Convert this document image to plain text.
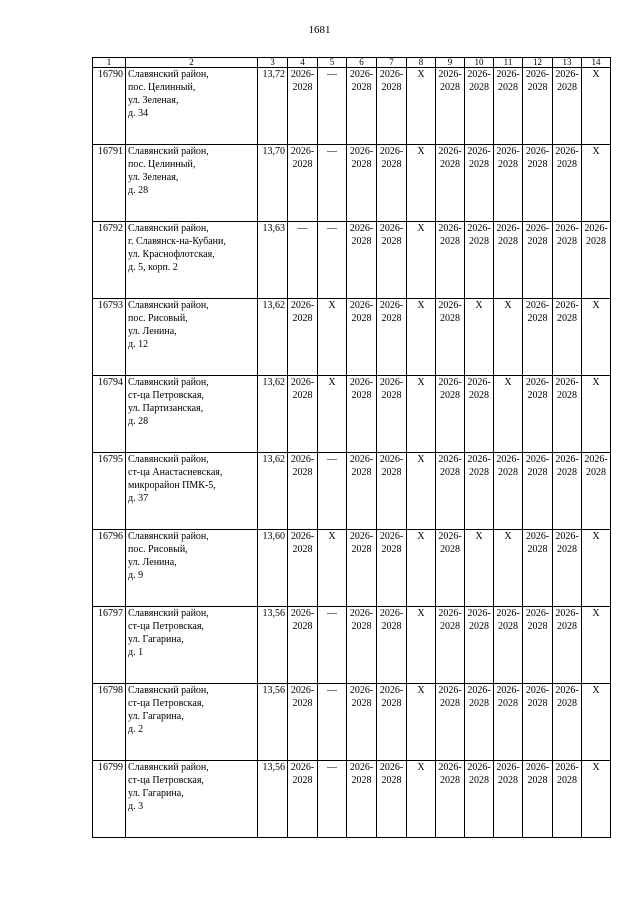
1681
1	2	3	4	5	6	7	8	9	10	11	12	13	14
16790	Славянский район,
пос. Целинный,
ул. Зеленая,
д. 34	13,72	2026-
2028	—	2026-
2028	2026-
2028	X	2026-
2028	2026-
2028	2026-
2028	2026-
2028	2026-
2028	X

16791	Славянский район,
пос. Целинный,
ул. Зеленая,
д. 28	13,70	2026-
2028	—	2026-
2028	2026-
2028	X	2026-
2028	2026-
2028	2026-
2028	2026-
2028	2026-
2028	X

16792	Славянский район,
г. Славянск-на-Кубани,
ул. Краснофлотская,
д. 5, корп. 2	13,63	—	—	2026-
2028	2026-
2028	X	2026-
2028	2026-
2028	2026-
2028	2026-
2028	2026-
2028	2026-
2028

16793	Славянский район,
пос. Рисовый,
ул. Ленина,
д. 12	13,62	2026-
2028	X	2026-
2028	2026-
2028	X	2026-
2028	X	X	2026-
2028	2026-
2028	X

16794	Славянский район,
ст-ца Петровская,
ул. Партизанская,
д. 28	13,62	2026-
2028	X	2026-
2028	2026-
2028	X	2026-
2028	2026-
2028	X	2026-
2028	2026-
2028	X

16795	Славянский район,
ст-ца Анастасиевская,
микрорайон ПМК-5,
д. 37	13,62	2026-
2028	—	2026-
2028	2026-
2028	X	2026-
2028	2026-
2028	2026-
2028	2026-
2028	2026-
2028	2026-
2028

16796	Славянский район,
пос. Рисовый,
ул. Ленина,
д. 9	13,60	2026-
2028	X	2026-
2028	2026-
2028	X	2026-
2028	X	X	2026-
2028	2026-
2028	X

16797	Славянский район,
ст-ца Петровская,
ул. Гагарина,
д. 1	13,56	2026-
2028	—	2026-
2028	2026-
2028	X	2026-
2028	2026-
2028	2026-
2028	2026-
2028	2026-
2028	X

16798	Славянский район,
ст-ца Петровская,
ул. Гагарина,
д. 2	13,56	2026-
2028	—	2026-
2028	2026-
2028	X	2026-
2028	2026-
2028	2026-
2028	2026-
2028	2026-
2028	X

16799	Славянский район,
ст-ца Петровская,
ул. Гагарина,
д. 3	13,56	2026-
2028	—	2026-
2028	2026-
2028	X	2026-
2028	2026-
2028	2026-
2028	2026-
2028	2026-
2028	X
